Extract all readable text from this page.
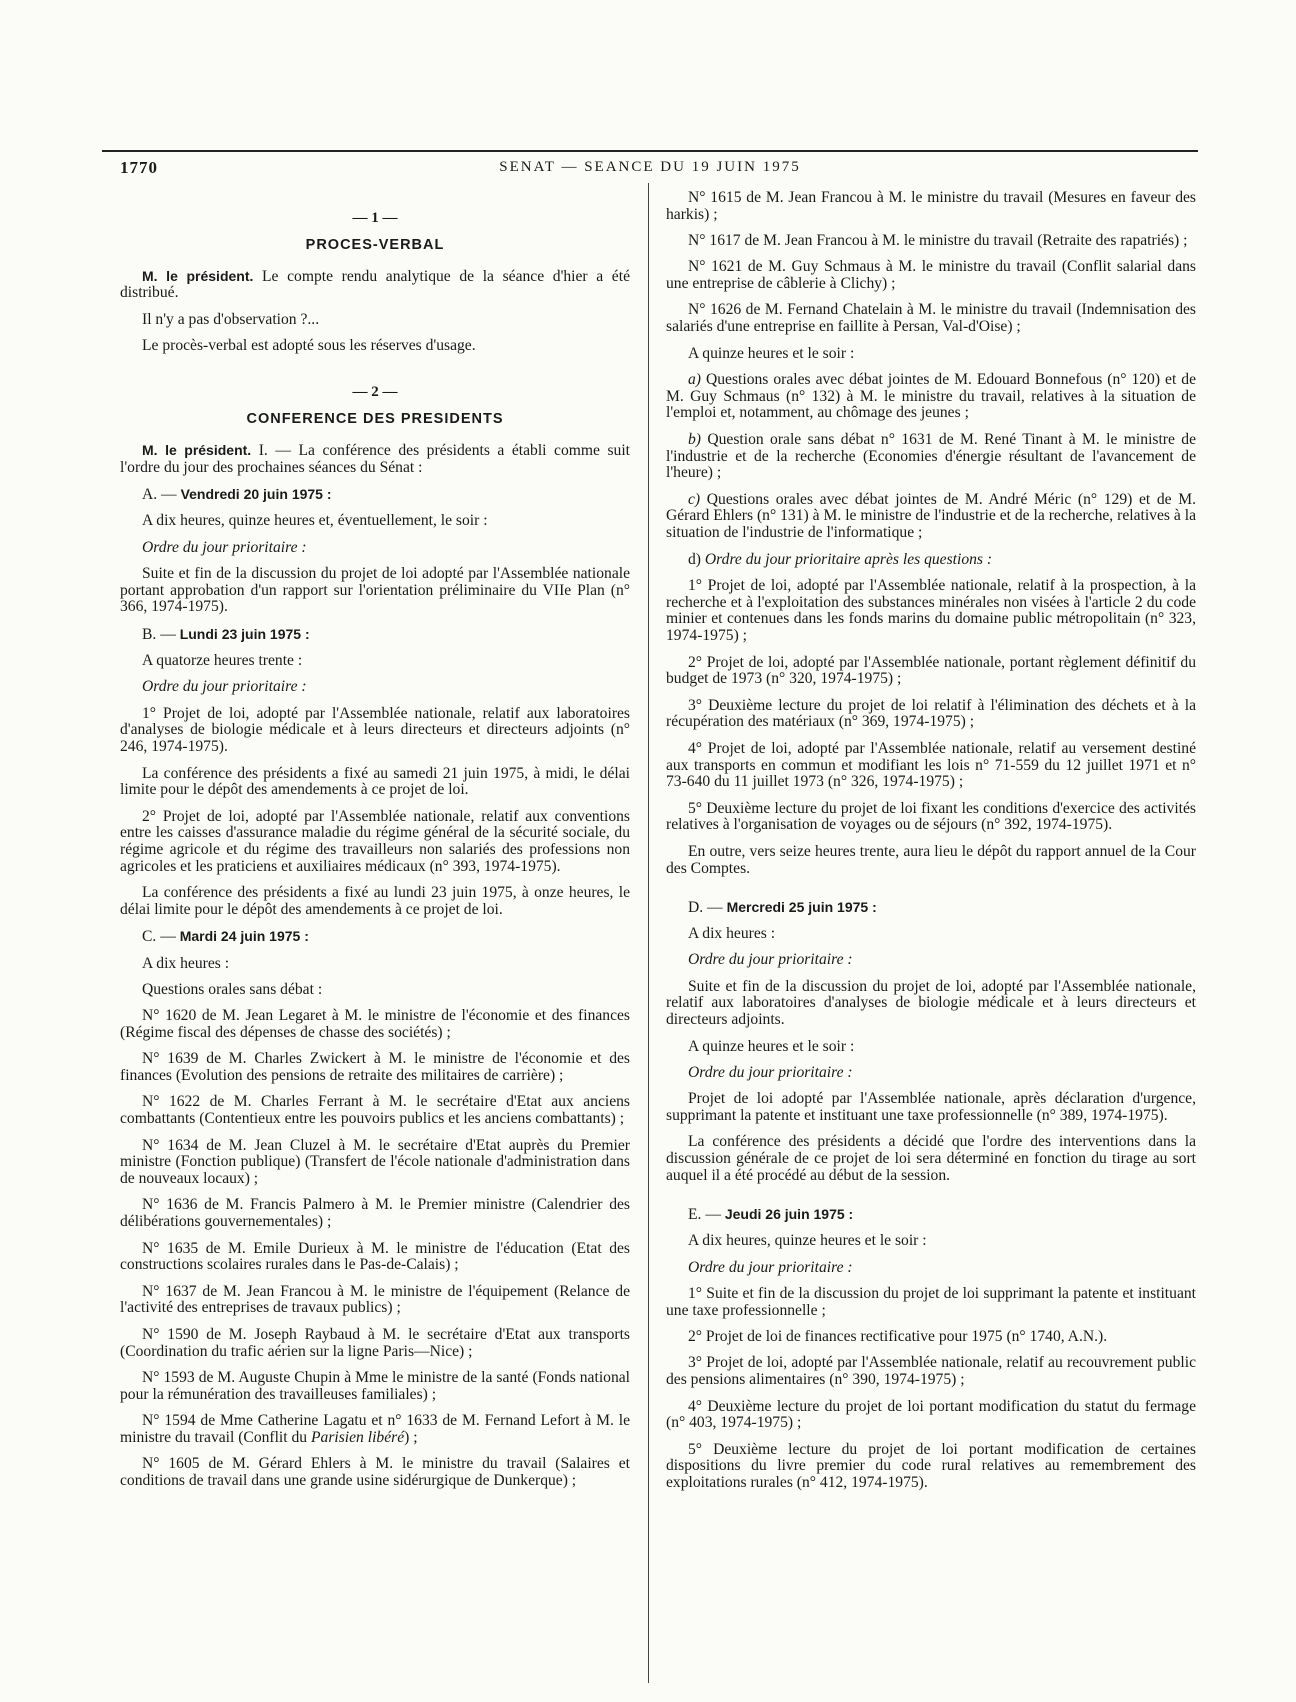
1770	SENAT — SEANCE DU 19 JUIN 1975
— 1 —
PROCES-VERBAL

M. le président. Le compte rendu analytique de la séance d'hier a été distribué.

Il n'y a pas d'observation ?...

Le procès-verbal est adopté sous les réserves d'usage.

— 2 —
CONFERENCE DES PRESIDENTS

M. le président. I. — La conférence des présidents a établi comme suit l'ordre du jour des prochaines séances du Sénat :

A. — Vendredi 20 juin 1975 :

A dix heures, quinze heures et, éventuellement, le soir :

Ordre du jour prioritaire :

Suite et fin de la discussion du projet de loi adopté par l'Assemblée nationale portant approbation d'un rapport sur l'orientation préliminaire du VIIe Plan (n° 366, 1974-1975).

B. — Lundi 23 juin 1975 :

A quatorze heures trente :

Ordre du jour prioritaire :

1° Projet de loi, adopté par l'Assemblée nationale, relatif aux laboratoires d'analyses de biologie médicale et à leurs directeurs et directeurs adjoints (n° 246, 1974-1975).

La conférence des présidents a fixé au samedi 21 juin 1975, à midi, le délai limite pour le dépôt des amendements à ce projet de loi.

2° Projet de loi, adopté par l'Assemblée nationale, relatif aux conventions entre les caisses d'assurance maladie du régime général de la sécurité sociale, du régime agricole et du régime des travailleurs non salariés des professions non agricoles et les praticiens et auxiliaires médicaux (n° 393, 1974-1975).

La conférence des présidents a fixé au lundi 23 juin 1975, à onze heures, le délai limite pour le dépôt des amendements à ce projet de loi.

C. — Mardi 24 juin 1975 :

A dix heures :

Questions orales sans débat :

N° 1620 de M. Jean Legaret à M. le ministre de l'économie et des finances (Régime fiscal des dépenses de chasse des sociétés) ;

N° 1639 de M. Charles Zwickert à M. le ministre de l'économie et des finances (Evolution des pensions de retraite des militaires de carrière) ;

N° 1622 de M. Charles Ferrant à M. le secrétaire d'Etat aux anciens combattants (Contentieux entre les pouvoirs publics et les anciens combattants) ;

N° 1634 de M. Jean Cluzel à M. le secrétaire d'Etat auprès du Premier ministre (Fonction publique) (Transfert de l'école nationale d'administration dans de nouveaux locaux) ;

N° 1636 de M. Francis Palmero à M. le Premier ministre (Calendrier des délibérations gouvernementales) ;

N° 1635 de M. Emile Durieux à M. le ministre de l'éducation (Etat des constructions scolaires rurales dans le Pas-de-Calais) ;

N° 1637 de M. Jean Francou à M. le ministre de l'équipement (Relance de l'activité des entreprises de travaux publics) ;

N° 1590 de M. Joseph Raybaud à M. le secrétaire d'Etat aux transports (Coordination du trafic aérien sur la ligne Paris—Nice) ;

N° 1593 de M. Auguste Chupin à Mme le ministre de la santé (Fonds national pour la rémunération des travailleuses familiales) ;

N° 1594 de Mme Catherine Lagatu et n° 1633 de M. Fernand Lefort à M. le ministre du travail (Conflit du Parisien libéré) ;

N° 1605 de M. Gérard Ehlers à M. le ministre du travail (Salaires et conditions de travail dans une grande usine sidérurgique de Dunkerque) ;

N° 1615 de M. Jean Francou à M. le ministre du travail (Mesures en faveur des harkis) ;

N° 1617 de M. Jean Francou à M. le ministre du travail (Retraite des rapatriés) ;

N° 1621 de M. Guy Schmaus à M. le ministre du travail (Conflit salarial dans une entreprise de câblerie à Clichy) ;

N° 1626 de M. Fernand Chatelain à M. le ministre du travail (Indemnisation des salariés d'une entreprise en faillite à Persan, Val-d'Oise) ;

A quinze heures et le soir :

a) Questions orales avec débat jointes de M. Edouard Bonnefous (n° 120) et de M. Guy Schmaus (n° 132) à M. le ministre du travail, relatives à la situation de l'emploi et, notamment, au chômage des jeunes ;

b) Question orale sans débat n° 1631 de M. René Tinant à M. le ministre de l'industrie et de la recherche (Economies d'énergie résultant de l'avancement de l'heure) ;

c) Questions orales avec débat jointes de M. André Méric (n° 129) et de M. Gérard Ehlers (n° 131) à M. le ministre de l'industrie et de la recherche, relatives à la situation de l'industrie de l'informatique ;

d) Ordre du jour prioritaire après les questions :

1° Projet de loi, adopté par l'Assemblée nationale, relatif à la prospection, à la recherche et à l'exploitation des substances minérales non visées à l'article 2 du code minier et contenues dans les fonds marins du domaine public métropolitain (n° 323, 1974-1975) ;

2° Projet de loi, adopté par l'Assemblée nationale, portant règlement définitif du budget de 1973 (n° 320, 1974-1975) ;

3° Deuxième lecture du projet de loi relatif à l'élimination des déchets et à la récupération des matériaux (n° 369, 1974-1975) ;

4° Projet de loi, adopté par l'Assemblée nationale, relatif au versement destiné aux transports en commun et modifiant les lois n° 71-559 du 12 juillet 1971 et n° 73-640 du 11 juillet 1973 (n° 326, 1974-1975) ;

5° Deuxième lecture du projet de loi fixant les conditions d'exercice des activités relatives à l'organisation de voyages ou de séjours (n° 392, 1974-1975).

En outre, vers seize heures trente, aura lieu le dépôt du rapport annuel de la Cour des Comptes.

D. — Mercredi 25 juin 1975 :

A dix heures :

Ordre du jour prioritaire :

Suite et fin de la discussion du projet de loi, adopté par l'Assemblée nationale, relatif aux laboratoires d'analyses de biologie médicale et à leurs directeurs et directeurs adjoints.

A quinze heures et le soir :

Ordre du jour prioritaire :

Projet de loi adopté par l'Assemblée nationale, après déclaration d'urgence, supprimant la patente et instituant une taxe professionnelle (n° 389, 1974-1975).

La conférence des présidents a décidé que l'ordre des interventions dans la discussion générale de ce projet de loi sera déterminé en fonction du tirage au sort auquel il a été procédé au début de la session.

E. — Jeudi 26 juin 1975 :

A dix heures, quinze heures et le soir :

Ordre du jour prioritaire :

1° Suite et fin de la discussion du projet de loi supprimant la patente et instituant une taxe professionnelle ;

2° Projet de loi de finances rectificative pour 1975 (n° 1740, A.N.).

3° Projet de loi, adopté par l'Assemblée nationale, relatif au recouvrement public des pensions alimentaires (n° 390, 1974-1975) ;

4° Deuxième lecture du projet de loi portant modification du statut du fermage (n° 403, 1974-1975) ;

5° Deuxième lecture du projet de loi portant modification de certaines dispositions du livre premier du code rural relatives au remembrement des exploitations rurales (n° 412, 1974-1975).
